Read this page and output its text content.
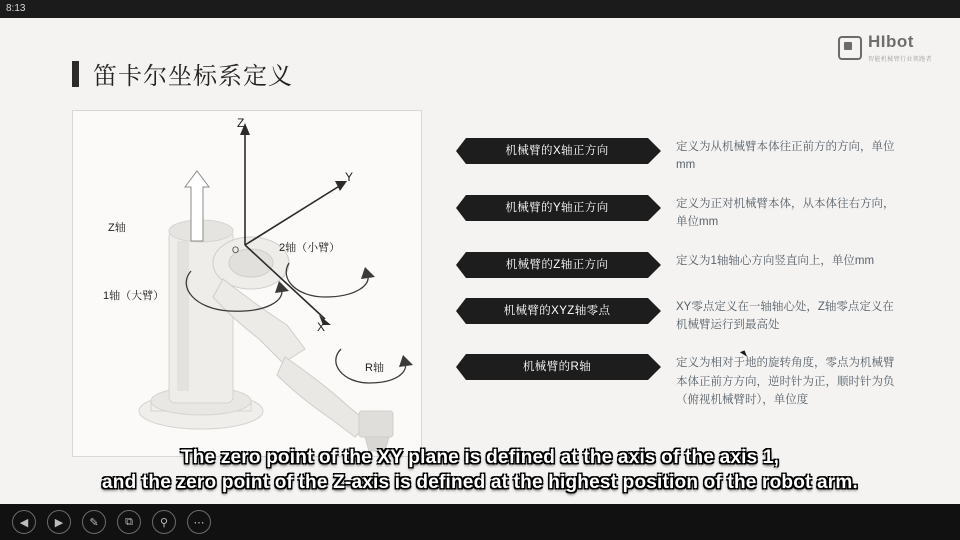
8:13
HIbot
智能机械臂行业领跑者
笛卡尔坐标系定义
Z
Y
X
O
Z轴
1轴（大臂）
2轴（小臂）
R轴
机械臂的X轴正方向	定义为从机械臂本体往正前方的方向，单位mm
机械臂的Y轴正方向	定义为正对机械臂本体，从本体往右方向，单位mm
机械臂的Z轴正方向	定义为1轴轴心方向竖直向上，单位mm
机械臂的XYZ轴零点	XY零点定义在一轴轴心处，Z轴零点定义在机械臂运行到最高处
机械臂的R轴	定义为相对于地的旋转角度，零点为机械臂本体正前方方向，逆时针为正，顺时针为负（俯视机械臂时），单位度
The zero point of the XY plane is defined at the axis of the axis 1,
and the zero point of the Z-axis is defined at the highest position of the robot arm.
◀	▶	✎	⧉	⚲	⋯
